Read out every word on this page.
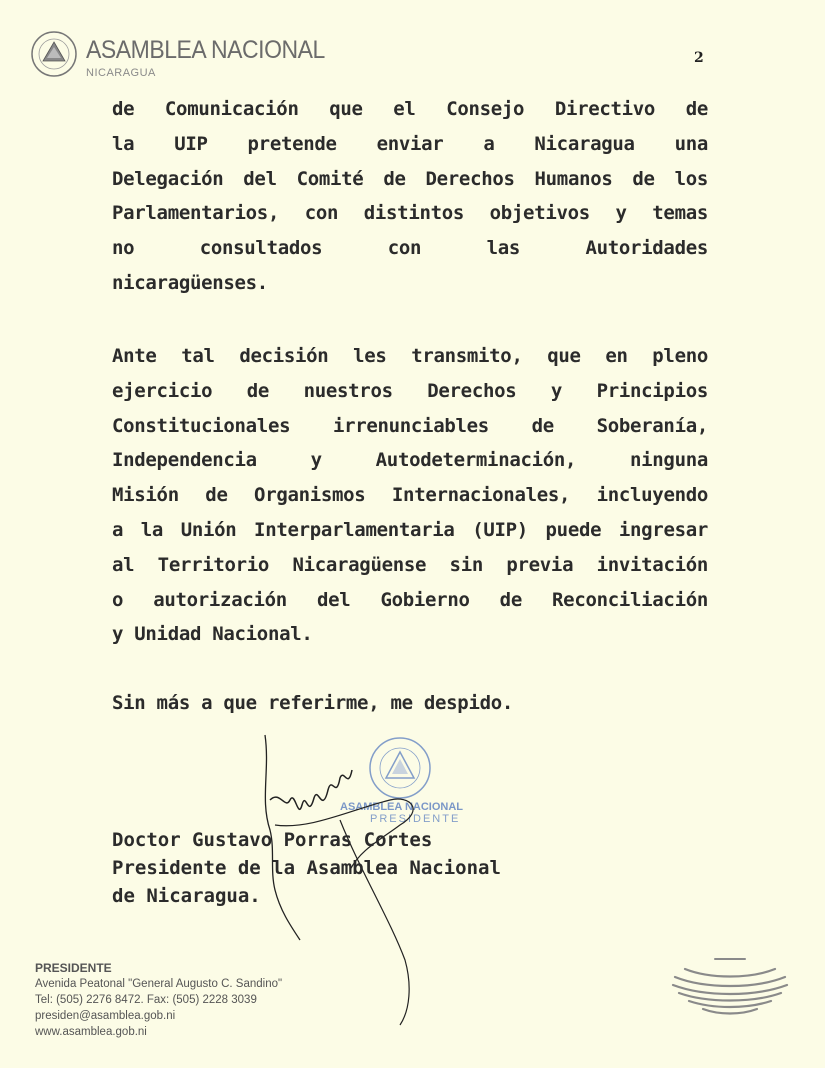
ASAMBLEA NACIONAL
NICARAGUA
2
de Comunicación que el Consejo Directivo de
la UIP pretende enviar a Nicaragua una
Delegación del Comité de Derechos Humanos de los
Parlamentarios, con distintos objetivos y temas
no consultados con las Autoridades
nicaragüenses.
Ante tal decisión les transmito, que en pleno
ejercicio de nuestros Derechos y Principios
Constitucionales irrenunciables de Soberanía,
Independencia y Autodeterminación, ninguna
Misión de Organismos Internacionales, incluyendo
a la Unión Interparlamentaria (UIP) puede ingresar
al Territorio Nicaragüense sin previa invitación
o autorización del Gobierno de Reconciliación
y Unidad Nacional.
Sin más a que referirme, me despido.
ASAMBLEA NACIONAL
PRESIDENTE
Doctor Gustavo Porras Cortes
Presidente de la Asamblea Nacional
de Nicaragua.
PRESIDENTE
Avenida Peatonal "General Augusto C. Sandino"
Tel: (505) 2276 8472. Fax: (505) 2228 3039
presiden@asamblea.gob.ni
www.asamblea.gob.ni
